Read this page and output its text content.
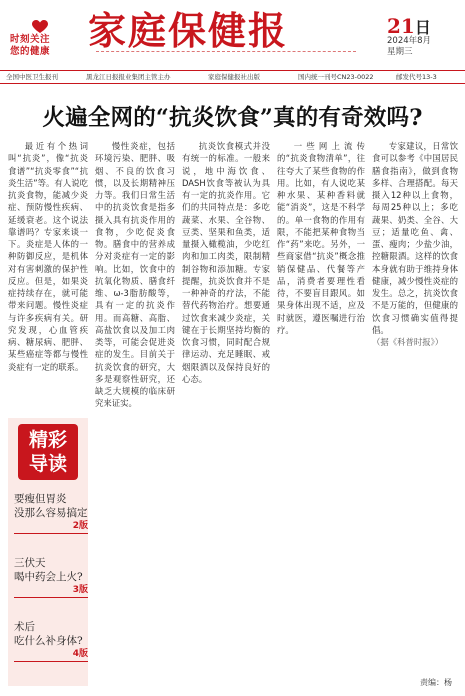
时刻关注
您的健康 家庭保健报	21日
2024年8月
星期三
全国中医卫生报刊	黑龙江日报报业集团主管主办	家庭保健报社出版	国内统一刊号CN23-0022	邮发代号13-3
火遍全网的“抗炎饮食”真的有奇效吗?

最近有个热词叫“抗炎”，像“抗炎食谱”“抗炎零食”“抗炎生活”等。有人说吃抗炎食物，能减少炎症、预防慢性疾病、延缓衰老。这个说法靠谱吗？专家来谈一下。炎症是人体的一种防御反应，是机体对有害刺激的保护性反应。但是，如果炎症持续存在，就可能带来问题。慢性炎症与许多疾病有关。研究发现，心血管疾病、糖尿病、肥胖、某些癌症等都与慢性炎症有一定的联系。

慢性炎症，包括环境污染、肥胖、吸烟、不良的饮食习惯，以及长期精神压力等。我们日常生活中的抗炎饮食是指多摄入具有抗炎作用的食物，少吃促炎食物。膳食中的营养成分对炎症有一定的影响。比如，饮食中的抗氧化物质、膳食纤维、ω-3脂肪酸等，具有一定的抗炎作用。而高糖、高脂、高盐饮食以及加工肉类等，可能会促进炎症的发生。目前关于抗炎饮食的研究，大多是观察性研究，还缺乏大规模的临床研究来证实。

抗炎饮食模式并没有统一的标准。一般来说，地中海饮食、DASH饮食等被认为具有一定的抗炎作用。它们的共同特点是：多吃蔬菜、水果、全谷物、豆类、坚果和鱼类，适量摄入橄榄油，少吃红肉和加工肉类，限制精制谷物和添加糖。专家提醒，抗炎饮食并不是一种神奇的疗法，不能替代药物治疗。想要通过饮食来减少炎症，关键在于长期坚持均衡的饮食习惯，同时配合规律运动、充足睡眠、戒烟限酒以及保持良好的心态。

一些网上流传的“抗炎食物清单”，往往夸大了某些食物的作用。比如，有人说吃某种水果、某种香料就能“消炎”，这是不科学的。单一食物的作用有限，不能把某种食物当作“药”来吃。另外，一些商家借“抗炎”概念推销保健品、代餐等产品，消费者要理性看待，不要盲目跟风。如果身体出现不适，应及时就医，遵医嘱进行治疗。

专家建议，日常饮食可以参考《中国居民膳食指南》，做到食物多样、合理搭配。每天摄入12种以上食物，每周25种以上；多吃蔬果、奶类、全谷、大豆；适量吃鱼、禽、蛋、瘦肉；少盐少油，控糖限酒。这样的饮食本身就有助于维持身体健康，减少慢性炎症的发生。总之，抗炎饮食不是万能的，但健康的饮食习惯确实值得提倡。

（据《科普时报》）

精彩
导读
要瘦但胃炎
没那么容易搞定
2版
三伏天
喝中药会上火?
3版
术后
吃什么补身体?
4版
责编：杨
